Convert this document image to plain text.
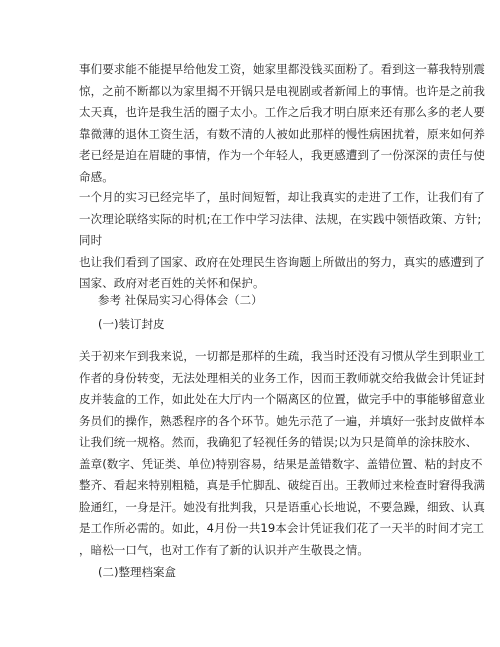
事们要求能不能提早给他发工资，她家里都没钱买面粉了。看到这一幕我特别震
惊，之前不断都以为家里揭不开锅只是电视剧或者新闻上的事情。也许是之前我
太天真，也许是我生活的圈子太小。工作之后我才明白原来还有那么多的老人要
靠微薄的退休工资生活，有数不清的人被如此那样的慢性病困扰着，原来如何养
老已经是迫在眉睫的事情，作为一个年轻人，我更感遭到了一份深深的责任与使
命感。
一个月的实习已经完毕了，虽时间短暂，却让我真实的走进了工作，让我们有了
一次理论联络实际的时机;在工作中学习法律、法规，在实践中领悟政策、方针;
同时
也让我们看到了国家、政府在处理民生咨询题上所做出的努力，真实的感遭到了
国家、政府对老百姓的关怀和保护。
参考 社保局实习心得体会（二）
(一)装订封皮
关于初来乍到我来说，一切都是那样的生疏，我当时还没有习惯从学生到职业工
作者的身份转变，无法处理相关的业务工作，因而王教师就交给我做会计凭证封
皮并装盒的工作，如此处在大厅内一个隔离区的位置，做完手中的事能够留意业
务员们的操作，熟悉程序的各个环节。她先示范了一遍，并填好一张封皮做样本
让我们统一规格。然而，我确犯了轻视任务的错误;以为只是简单的涂抹胶水、
盖章(数字、凭证类、单位)特别容易，结果是盖错数字、盖错位置、粘的封皮不
整齐、看起来特别粗糙，真是手忙脚乱、破绽百出。王教师过来检查时窘得我满
脸通红，一身是汗。她没有批判我，只是语重心长地说，不要急躁，细致、认真
是工作所必需的。如此，4月份一共19本会计凭证我们花了一天半的时间才完工
，暗松一口气，也对工作有了新的认识并产生敬畏之情。
(二)整理档案盒
